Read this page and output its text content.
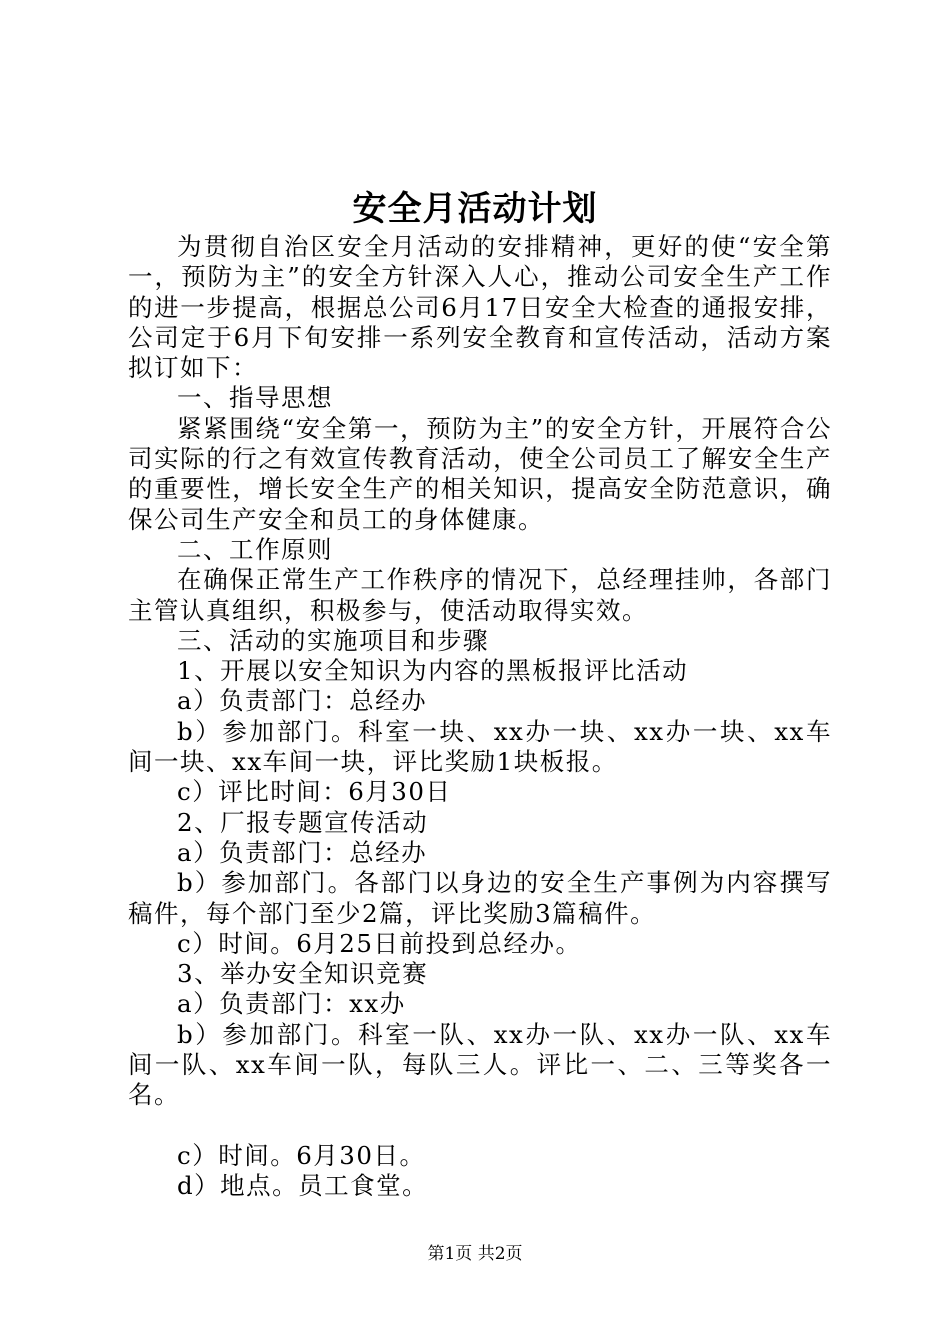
安全月活动计划

为贯彻自治区安全月活动的安排精神，更好的使“安全第一，预防为主”的安全方针深入人心，推动公司安全生产工作的进一步提高，根据总公司6月17日安全大检查的通报安排，公司定于6月下旬安排一系列安全教育和宣传活动，活动方案拟订如下：

一、指导思想

紧紧围绕“安全第一，预防为主”的安全方针，开展符合公司实际的行之有效宣传教育活动，使全公司员工了解安全生产的重要性，增长安全生产的相关知识，提高安全防范意识，确保公司生产安全和员工的身体健康。

二、工作原则

在确保正常生产工作秩序的情况下，总经理挂帅，各部门主管认真组织，积极参与，使活动取得实效。

三、活动的实施项目和步骤

1、开展以安全知识为内容的黑板报评比活动

a）负责部门：总经办

b）参加部门。科室一块、xx办一块、xx办一块、xx车间一块、xx车间一块，评比奖励1块板报。

c）评比时间：6月30日

2、厂报专题宣传活动

a）负责部门：总经办

b）参加部门。各部门以身边的安全生产事例为内容撰写稿件，每个部门至少2篇，评比奖励3篇稿件。

c）时间。6月25日前投到总经办。

3、举办安全知识竞赛

a）负责部门：xx办

b）参加部门。科室一队、xx办一队、xx办一队、xx车间一队、xx车间一队，每队三人。评比一、二、三等奖各一名。

c）时间。6月30日。

d）地点。员工食堂。

第1页 共2页
